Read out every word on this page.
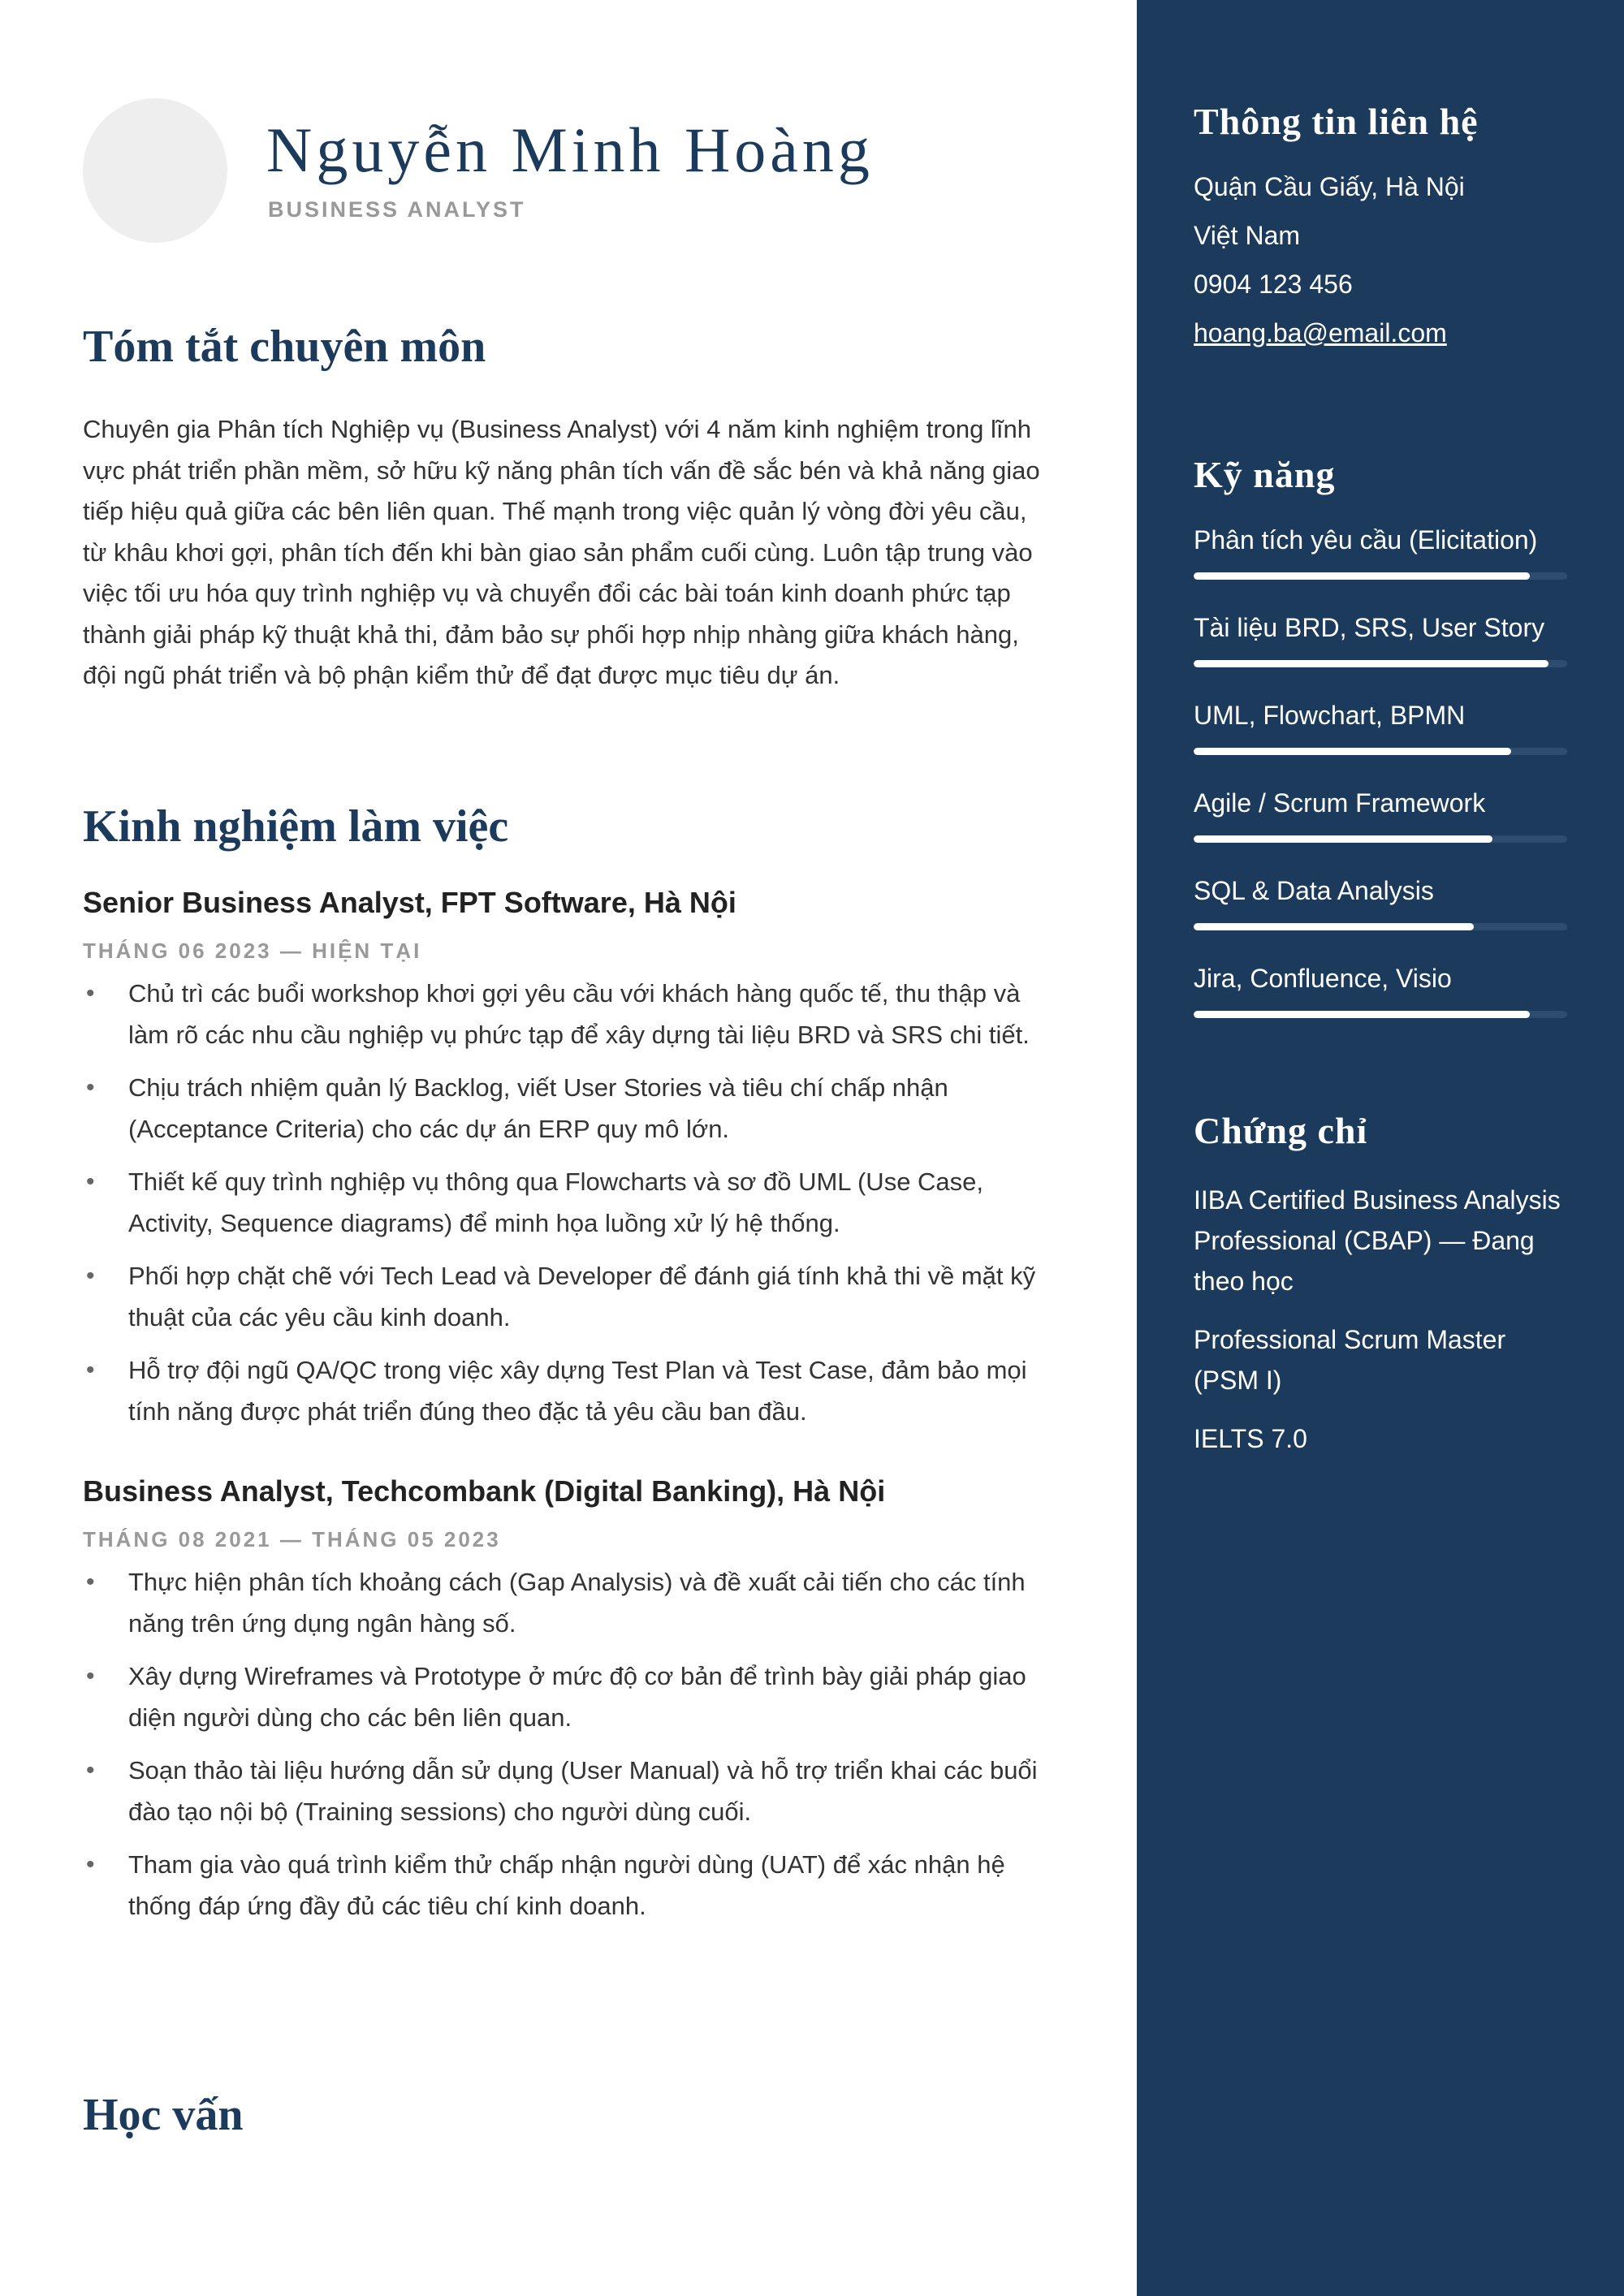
Nguyễn Minh Hoàng
BUSINESS ANALYST
Tóm tắt chuyên môn

Chuyên gia Phân tích Nghiệp vụ (Business Analyst) với 4 năm kinh nghiệm trong lĩnh vực phát triển phần mềm, sở hữu kỹ năng phân tích vấn đề sắc bén và khả năng giao tiếp hiệu quả giữa các bên liên quan. Thế mạnh trong việc quản lý vòng đời yêu cầu, từ khâu khơi gợi, phân tích đến khi bàn giao sản phẩm cuối cùng. Luôn tập trung vào việc tối ưu hóa quy trình nghiệp vụ và chuyển đổi các bài toán kinh doanh phức tạp thành giải pháp kỹ thuật khả thi, đảm bảo sự phối hợp nhịp nhàng giữa khách hàng, đội ngũ phát triển và bộ phận kiểm thử để đạt được mục tiêu dự án.

Kinh nghiệm làm việc

Senior Business Analyst, FPT Software, Hà Nội

THÁNG 06 2023 — HIỆN TẠI

• Chủ trì các buổi workshop khơi gợi yêu cầu với khách hàng quốc tế, thu thập và làm rõ các nhu cầu nghiệp vụ phức tạp để xây dựng tài liệu BRD và SRS chi tiết.
• Chịu trách nhiệm quản lý Backlog, viết User Stories và tiêu chí chấp nhận (Acceptance Criteria) cho các dự án ERP quy mô lớn.
• Thiết kế quy trình nghiệp vụ thông qua Flowcharts và sơ đồ UML (Use Case, Activity, Sequence diagrams) để minh họa luồng xử lý hệ thống.
• Phối hợp chặt chẽ với Tech Lead và Developer để đánh giá tính khả thi về mặt kỹ thuật của các yêu cầu kinh doanh.
• Hỗ trợ đội ngũ QA/QC trong việc xây dựng Test Plan và Test Case, đảm bảo mọi tính năng được phát triển đúng theo đặc tả yêu cầu ban đầu.

Business Analyst, Techcombank (Digital Banking), Hà Nội

THÁNG 08 2021 — THÁNG 05 2023

• Thực hiện phân tích khoảng cách (Gap Analysis) và đề xuất cải tiến cho các tính năng trên ứng dụng ngân hàng số.
• Xây dựng Wireframes và Prototype ở mức độ cơ bản để trình bày giải pháp giao diện người dùng cho các bên liên quan.
• Soạn thảo tài liệu hướng dẫn sử dụng (User Manual) và hỗ trợ triển khai các buổi đào tạo nội bộ (Training sessions) cho người dùng cuối.
• Tham gia vào quá trình kiểm thử chấp nhận người dùng (UAT) để xác nhận hệ thống đáp ứng đầy đủ các tiêu chí kinh doanh.
Học vấn
Thông tin liên hệ

Quận Cầu Giấy, Hà Nội

Việt Nam

0904 123 456

hoang.ba@email.com

Kỹ năng
Phân tích yêu cầu (Elicitation)
Tài liệu BRD, SRS, User Story
UML, Flowchart, BPMN
Agile / Scrum Framework
SQL & Data Analysis
Jira, Confluence, Visio
Chứng chỉ

IIBA Certified Business Analysis Professional (CBAP) — Đang theo học

Professional Scrum Master (PSM I)

IELTS 7.0
